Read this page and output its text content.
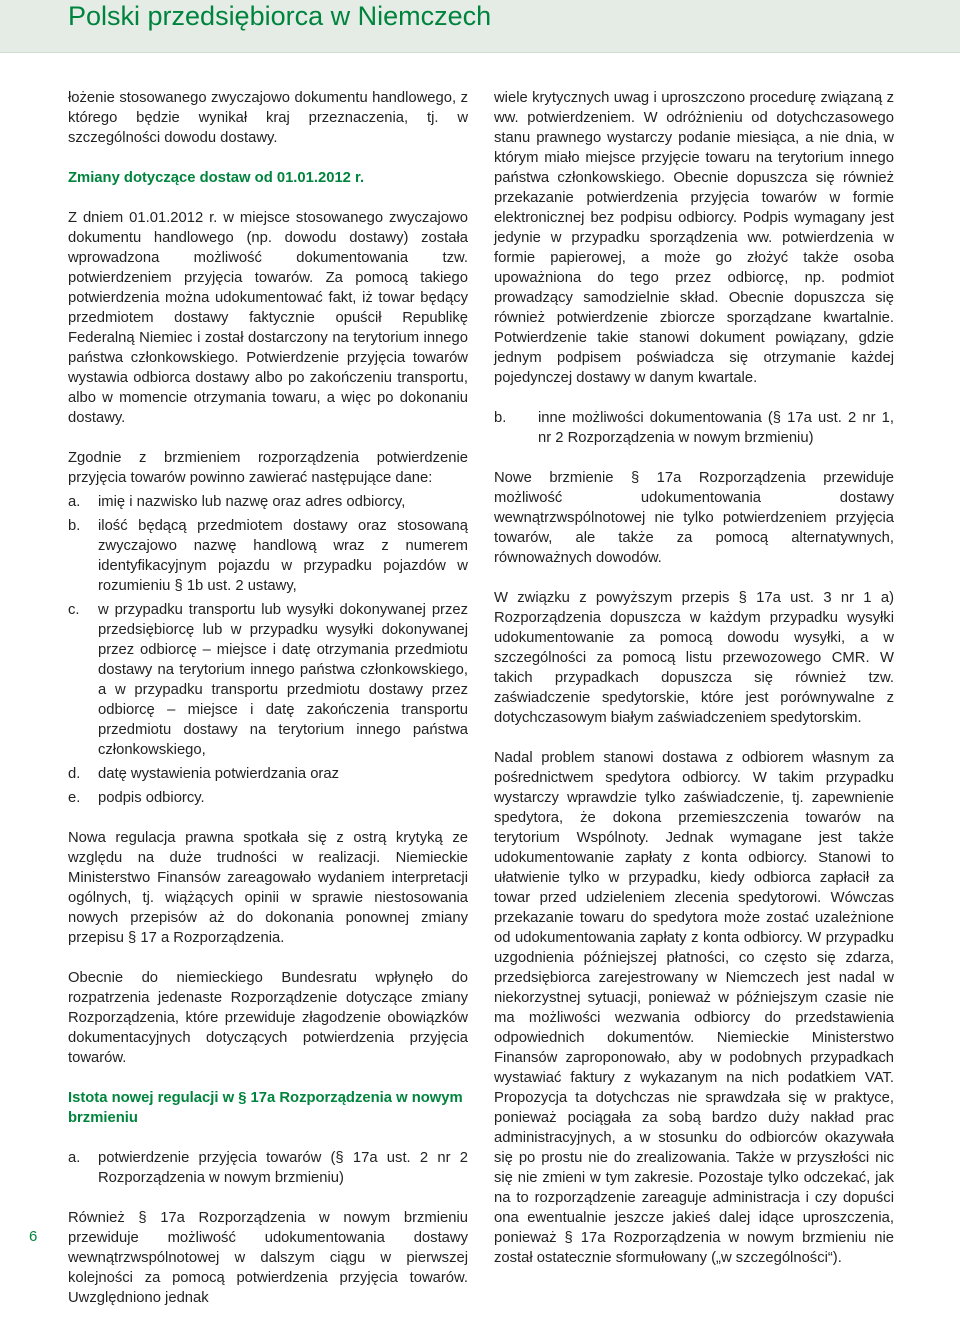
Polski przedsiębiorca w Niemczech

łożenie stosowanego zwyczajowo dokumentu handlowego, z którego będzie wynikał kraj przeznaczenia, tj. w szczególności dowodu dostawy.

Zmiany dotyczące dostaw od 01.01.2012 r.

Z dniem 01.01.2012 r. w miejsce stosowanego zwyczajowo dokumentu handlowego (np. dowodu dostawy) została wprowadzona możliwość dokumentowania tzw. potwierdzeniem przyjęcia towarów. Za pomocą takiego potwierdzenia można udokumentować fakt, iż towar będący przedmiotem dostawy faktycznie opuścił Republikę Federalną Niemiec i został dostarczony na terytorium innego państwa członkowskiego. Potwierdzenie przyjęcia towarów wystawia odbiorca dostawy albo po zakończeniu transportu, albo w momencie otrzymania towaru, a więc po dokonaniu dostawy.

Zgodnie z brzmieniem rozporządzenia potwierdzenie przyjęcia towarów powinno zawierać następujące dane:

a.	imię i nazwisko lub nazwę oraz adres odbiorcy,
b.	ilość będącą przedmiotem dostawy oraz stosowaną zwyczajowo nazwę handlową wraz z numerem identyfikacyjnym pojazdu w przypadku pojazdów w rozumieniu § 1b ust. 2 ustawy,
c.	w przypadku transportu lub wysyłki dokonywanej przez przedsiębiorcę lub w przypadku wysyłki dokonywanej przez odbiorcę – miejsce i datę otrzymania przedmiotu dostawy na terytorium innego państwa członkowskiego, a w przypadku transportu przedmiotu dostawy przez odbiorcę – miejsce i datę zakończenia transportu przedmiotu dostawy na terytorium innego państwa członkowskiego,
d.	datę wystawienia potwierdzania oraz
e.	podpis odbiorcy.

Nowa regulacja prawna spotkała się z ostrą krytyką ze względu na duże trudności w realizacji. Niemieckie Ministerstwo Finansów zareagowało wydaniem interpretacji ogólnych, tj. wiążących opinii w sprawie niestosowania nowych przepisów aż do dokonania ponownej zmiany przepisu § 17 a Rozporządzenia.

Obecnie do niemieckiego Bundesratu wpłynęło do rozpatrzenia jedenaste Rozporządzenie dotyczące zmiany Rozporządzenia, które przewiduje złagodzenie obowiązków dokumentacyjnych dotyczących potwierdzenia przyjęcia towarów.

Istota nowej regulacji w § 17a Rozporządzenia w nowym brzmieniu
a.	potwierdzenie przyjęcia towarów (§ 17a ust. 2 nr 2 Rozporządzenia w nowym brzmieniu)

Również § 17a Rozporządzenia w nowym brzmieniu przewiduje możliwość udokumentowania dostawy wewnątrzwspólnotowej w dalszym ciągu w pierwszej kolejności za pomocą potwierdzenia przyjęcia towarów. Uwzględniono jednak

wiele krytycznych uwag i uproszczono procedurę związaną z ww. potwierdzeniem. W odróżnieniu od dotychczasowego stanu prawnego wystarczy podanie miesiąca, a nie dnia, w którym miało miejsce przyjęcie towaru na terytorium innego państwa członkowskiego. Obecnie dopuszcza się również przekazanie potwierdzenia przyjęcia towarów w formie elektronicznej bez podpisu odbiorcy. Podpis wymagany jest jedynie w przypadku sporządzenia ww. potwierdzenia w formie papierowej, a może go złożyć także osoba upoważniona do tego przez odbiorcę, np. podmiot prowadzący samodzielnie skład. Obecnie dopuszcza się również potwierdzenie zbiorcze sporządzane kwartalnie. Potwierdzenie takie stanowi dokument powiązany, gdzie jednym podpisem poświadcza się otrzymanie każdej pojedynczej dostawy w danym kwartale.

b.	inne możliwości dokumentowania (§ 17a ust. 2 nr 1, nr 2 Rozporządzenia w nowym brzmieniu)

Nowe brzmienie § 17a Rozporządzenia przewiduje możliwość udokumentowania dostawy wewnątrzwspólnotowej nie tylko potwierdzeniem przyjęcia towarów, ale także za pomocą alternatywnych, równoważnych dowodów.

W związku z powyższym przepis § 17a ust. 3 nr 1 a) Rozporządzenia dopuszcza w każdym przypadku wysyłki udokumentowanie za pomocą dowodu wysyłki, a w szczególności za pomocą listu przewozowego CMR. W takich przypadkach dopuszcza się również tzw. zaświadczenie spedytorskie, które jest porównywalne z dotychczasowym białym zaświadczeniem spedytorskim.

Nadal problem stanowi dostawa z odbiorem własnym za pośrednictwem spedytora odbiorcy. W takim przypadku wystarczy wprawdzie tylko zaświadczenie, tj. zapewnienie spedytora, że dokona przemieszczenia towarów na terytorium Wspólnoty. Jednak wymagane jest także udokumentowanie zapłaty z konta odbiorcy. Stanowi to ułatwienie tylko w przypadku, kiedy odbiorca zapłacił za towar przed udzieleniem zlecenia spedytorowi. Wówczas przekazanie towaru do spedytora może zostać uzależnione od udokumentowania zapłaty z konta odbiorcy. W przypadku uzgodnienia późniejszej płatności, co często się zdarza, przedsiębiorca zarejestrowany w Niemczech jest nadal w niekorzystnej sytuacji, ponieważ w późniejszym czasie nie ma możliwości wezwania odbiorcy do przedstawienia odpowiednich dokumentów. Niemieckie Ministerstwo Finansów zaproponowało, aby w podobnych przypadkach wystawiać faktury z wykazanym na nich podatkiem VAT. Propozycja ta dotychczas nie sprawdzała się w praktyce, ponieważ pociągała za sobą bardzo duży nakład prac administracyjnych, a w stosunku do odbiorców okazywała się po prostu nie do zrealizowania. Także w przyszłości nic się nie zmieni w tym zakresie. Pozostaje tylko odczekać, jak na to rozporządzenie zareaguje administracja i czy dopuści ona ewentualnie jeszcze jakieś dalej idące uproszczenia, ponieważ § 17a Rozporządzenia w nowym brzmieniu nie został ostatecznie sformułowany („w szczególności“).

6
